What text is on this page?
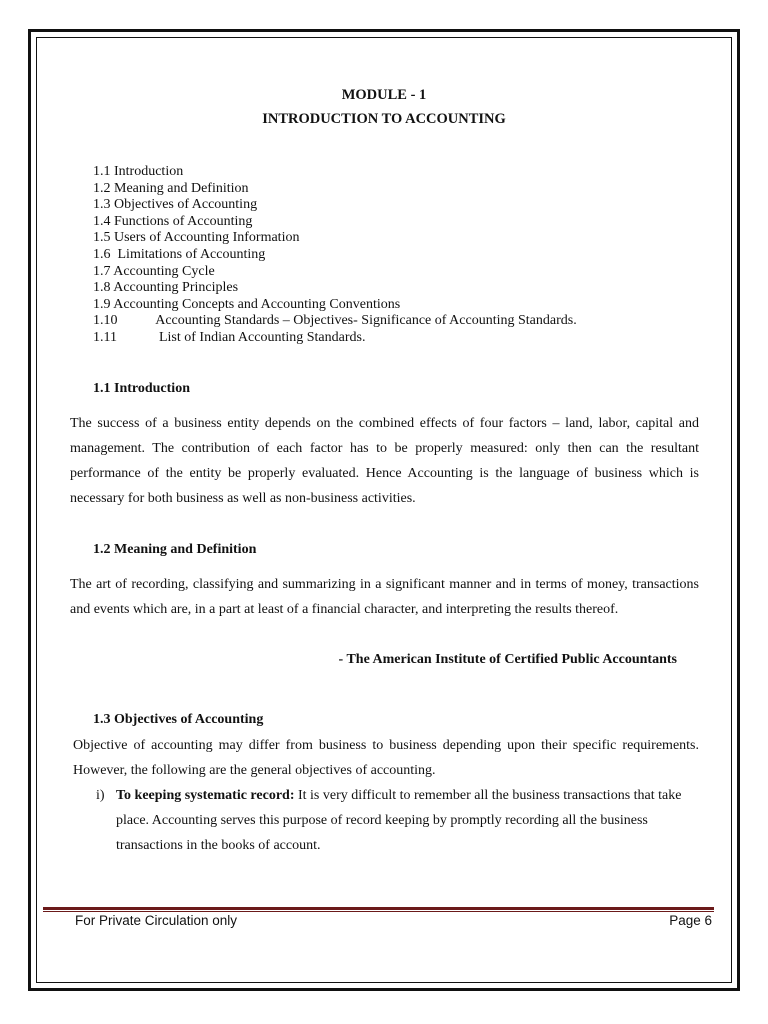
MODULE - 1
INTRODUCTION TO ACCOUNTING
1.1 Introduction
1.2 Meaning and Definition
1.3 Objectives of Accounting
1.4 Functions of Accounting
1.5 Users of Accounting Information
1.6 Limitations of Accounting
1.7 Accounting Cycle
1.8 Accounting Principles
1.9 Accounting Concepts and Accounting Conventions
1.10	Accounting Standards – Objectives- Significance of Accounting Standards.
1.11	List of Indian Accounting Standards.
1.1 Introduction
The success of a business entity depends on the combined effects of four factors – land, labor, capital and management. The contribution of each factor has to be properly measured: only then can the resultant performance of the entity be properly evaluated. Hence Accounting is the language of business which is necessary for both business as well as non-business activities.
1.2 Meaning and Definition
The art of recording, classifying and summarizing in a significant manner and in terms of money, transactions and events which are, in a part at least of a financial character, and interpreting the results thereof.
- The American Institute of Certified Public Accountants
1.3 Objectives of Accounting
Objective of accounting may differ from business to business depending upon their specific requirements. However, the following are the general objectives of accounting.
i) To keeping systematic record: It is very difficult to remember all the business transactions that take place. Accounting serves this purpose of record keeping by promptly recording all the business transactions in the books of account.
For Private Circulation only	Page 6
